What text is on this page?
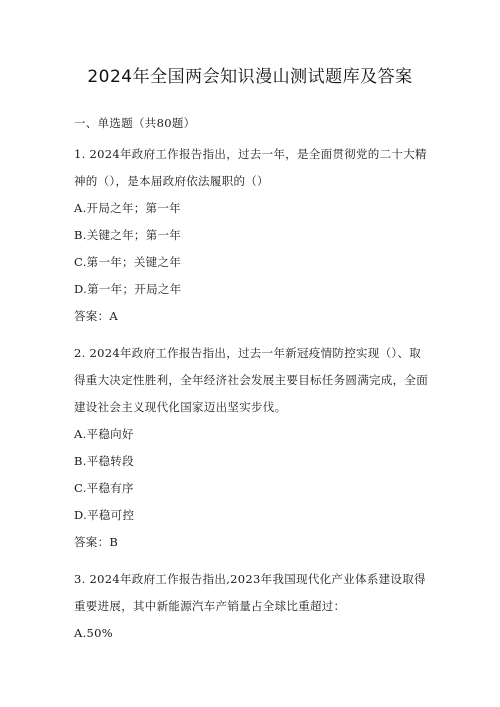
2024年全国两会知识漫山测试题库及答案

一、单选题（共80题）

1. 2024年政府工作报告指出，过去一年，是全面贯彻党的二十大精
神的（），是本届政府依法履职的（）

A.开局之年；第一年

B.关键之年；第一年

C.第一年；关键之年

D.第一年；开局之年

答案：A

2. 2024年政府工作报告指出，过去一年新冠疫情防控实现（）、取
得重大决定性胜利，全年经济社会发展主要目标任务圆满完成，全面
建设社会主义现代化国家迈出坚实步伐。

A.平稳向好

B.平稳转段

C.平稳有序

D.平稳可控

答案：B

3. 2024年政府工作报告指出,2023年我国现代化产业体系建设取得
重要进展，其中新能源汽车产销量占全球比重超过：

A.50%
